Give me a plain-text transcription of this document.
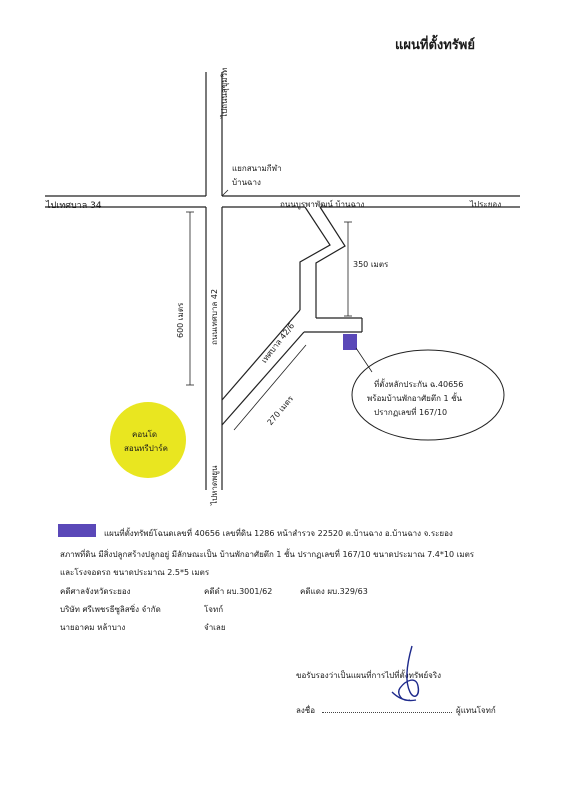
แผนที่ตั้งทรัพย์
ไปถนนสุขุมวิท
แยกสนามกีฬา
บ้านฉาง
ไปเทศบาล 34	ถนนบูรพาพัฒน์ บ้านฉาง	ไประยอง
350 เมตร
600 เมตร	ถนนเทศบาล 42	เทศบาล 42/6
270 เมตร
ไปหาดพยูน
คอนโด
สอนทรีปาร์ค
ที่ตั้งหลักประกัน ฉ.40656
พร้อมบ้านพักอาศัยตึก 1 ชั้น
ปรากฏเลขที่ 167/10
แผนที่ตั้งทรัพย์โฉนดเลขที่ 40656 เลขที่ดิน 1286 หน้าสำรวจ 22520 ต.บ้านฉาง อ.บ้านฉาง จ.ระยอง
สภาพที่ดิน มีสิ่งปลูกสร้างปลูกอยู่ มีลักษณะเป็น บ้านพักอาศัยตึก 1 ชั้น ปรากฏเลขที่ 167/10 ขนาดประมาณ 7.4*10 เมตร
และโรงจอดรถ ขนาดประมาณ 2.5*5 เมตร
คดีศาลจังหวัดระยอง	คดีดำ ผบ.3001/62	คดีแดง ผบ.329/63
บริษัท ศรีเพชรธีซูลิสซิ่ง จำกัด	โจทก์
นายอาคม หล้าบาง	จำเลย
ขอรับรองว่าเป็นแผนที่การไปที่ตั้งทรัพย์จริง
ลงชื่อ	ผู้แทนโจทก์
